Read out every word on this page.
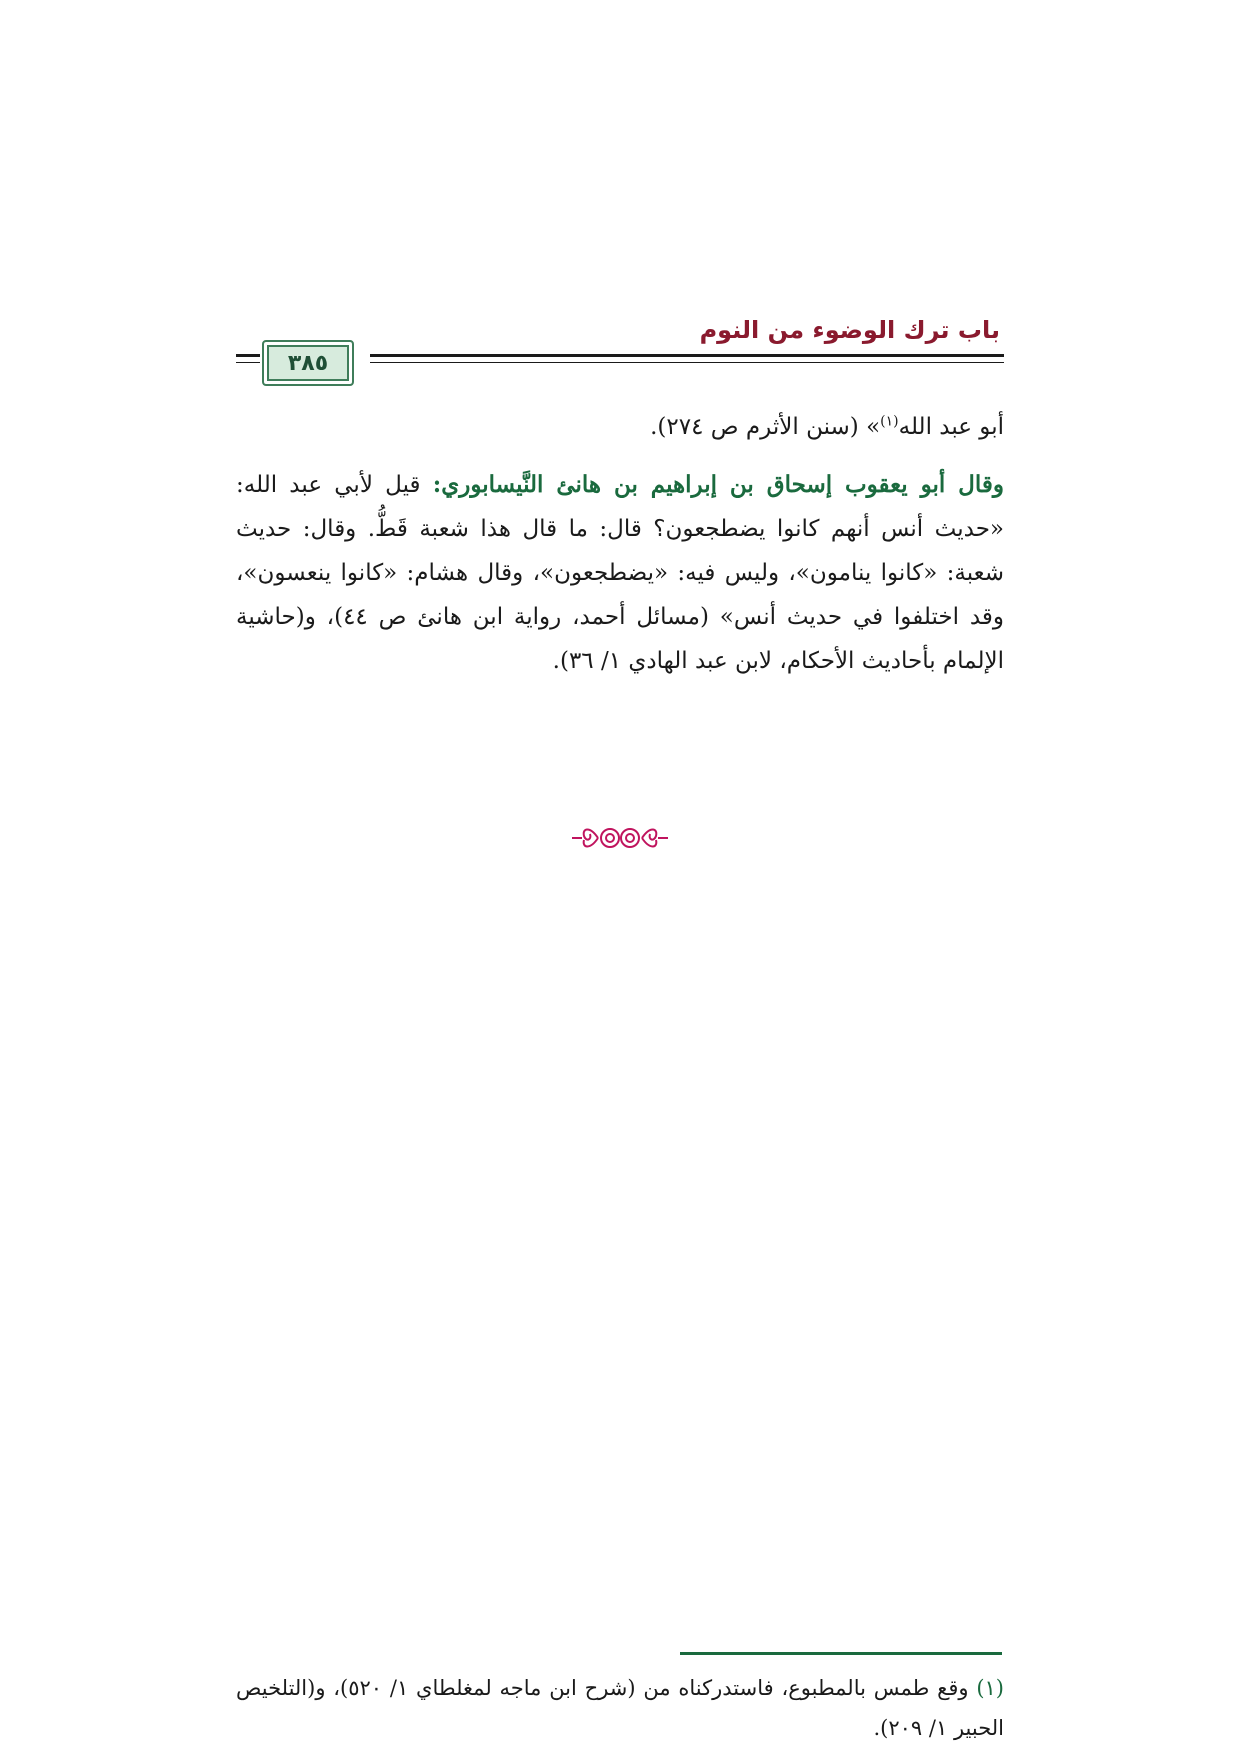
باب ترك الوضوء من النوم
٣٨٥

أبو عبد الله$^{(١)}$» (سنن الأثرم ص ٢٧٤).

وقال أبو يعقوب إسحاق بن إبراهيم بن هانئ النَّيسابوري: قيل لأبي عبد الله: «حديث أنس أنهم كانوا يضطجعون؟ قال: ما قال هذا شعبة قَطُّ. وقال: حديث شعبة: «كانوا ينامون»، وليس فيه: «يضطجعون»، وقال هشام: «كانوا ينعسون»، وقد اختلفوا في حديث أنس» (مسائل أحمد، رواية ابن هانئ ص ٤٤)، و(حاشية الإلمام بأحاديث الأحكام، لابن عبد الهادي ١/ ٣٦).

(١) وقع طمس بالمطبوع، فاستدركناه من (شرح ابن ماجه لمغلطاي ١/ ٥٢٠)، و(التلخيص الحبير ١/ ٢٠٩).
